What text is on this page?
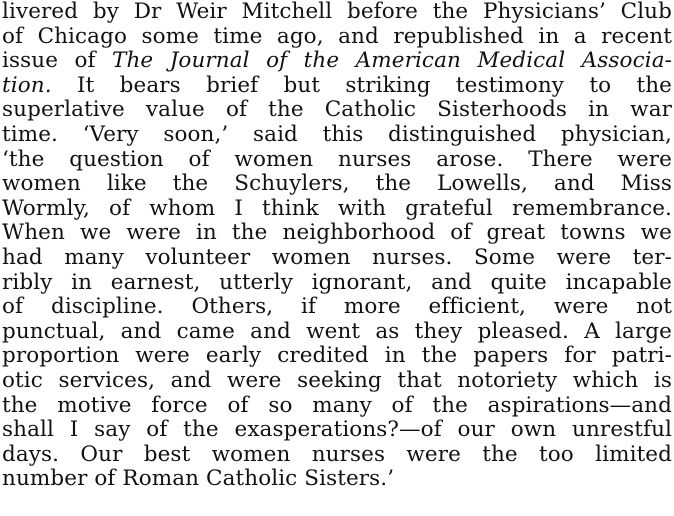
livered by Dr Weir Mitchell before the Physicians’ Club
of Chicago some time ago, and republished in a recent
issue of The Journal of the American Medical Associa-
tion. It bears brief but striking testimony to the
superlative value of the Catholic Sisterhoods in war
time. ‘Very soon,’ said this distinguished physician,
‘the question of women nurses arose. There were
women like the Schuylers, the Lowells, and Miss
Wormly, of whom I think with grateful remembrance.
When we were in the neighborhood of great towns we
had many volunteer women nurses. Some were ter-
ribly in earnest, utterly ignorant, and quite incapable
of discipline. Others, if more efficient, were not
punctual, and came and went as they pleased. A large
proportion were early credited in the papers for patri-
otic services, and were seeking that notoriety which is
the motive force of so many of the aspirations—and
shall I say of the exasperations?—of our own unrestful
days. Our best women nurses were the too limited
number of Roman Catholic Sisters.’
